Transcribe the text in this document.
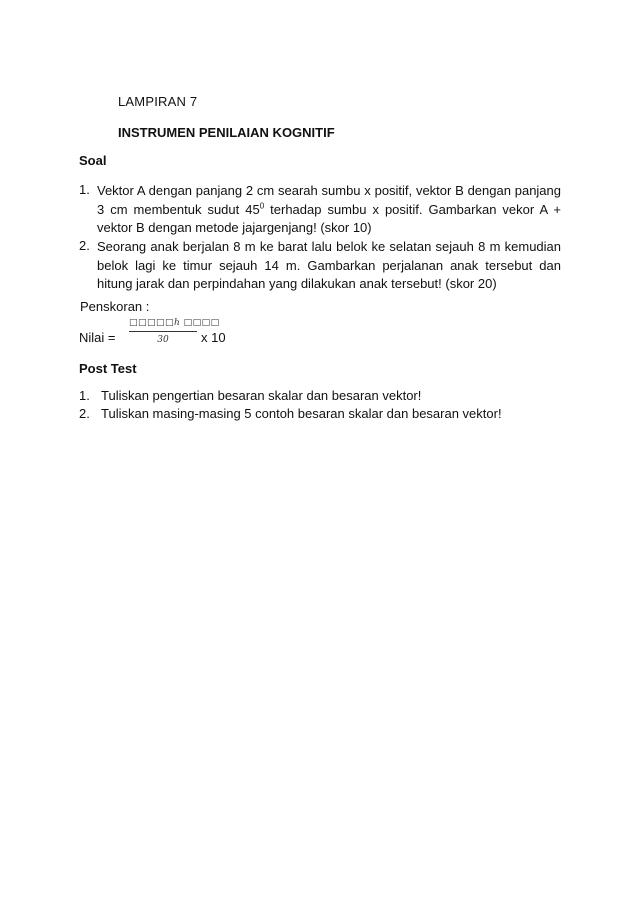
LAMPIRAN 7
INSTRUMEN PENILAIAN KOGNITIF
Soal
1. Vektor A dengan panjang 2 cm searah sumbu x positif, vektor B dengan panjang 3 cm membentuk sudut $45^0$ terhadap sumbu x positif. Gambarkan vekor A + vektor B dengan metode jajargenjang! (skor 10)
2. Seorang anak berjalan 8 m ke barat lalu belok ke selatan sejauh 8 m kemudian belok lagi ke timur sejauh 14 m. Gambarkan perjalanan anak tersebut dan hitung jarak dan perpindahan yang dilakukan anak tersebut! (skor 20)
Penskoran :
Nilai =
□□□□□ℎ □□□□
30	x 10
Post Test
1. Tuliskan pengertian besaran skalar dan besaran vektor!
2. Tuliskan masing-masing 5 contoh besaran skalar dan besaran vektor!
